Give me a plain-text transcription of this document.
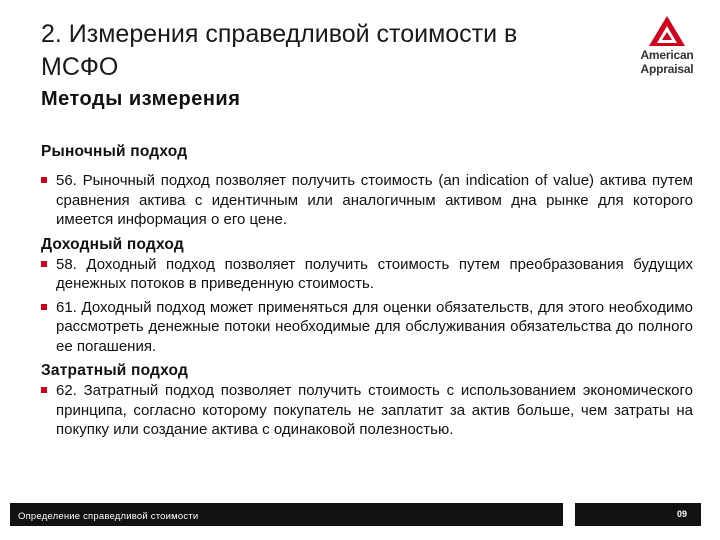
2. Измерения справедливой стоимости в МСФО
Методы измерения
American
Appraisal
Рыночный подход
56. Рыночный подход позволяет получить стоимость (an indication of value) актива путем сравнения актива с идентичным или аналогичным активом дна рынке для которого имеется информация о его цене.
Доходный подход
58. Доходный подход позволяет получить стоимость путем преобразования будущих денежных потоков в приведенную стоимость.
61. Доходный подход может применяться для оценки обязательств, для этого необходимо рассмотреть денежные потоки необходимые для обслуживания обязательства до полного ее погашения.
Затратный подход
62. Затратный подход позволяет получить стоимость с использованием экономического принципа, согласно которому покупатель не заплатит за актив больше, чем затраты на покупку или создание актива с одинаковой полезностью.
Определение справедливой стоимости	09
